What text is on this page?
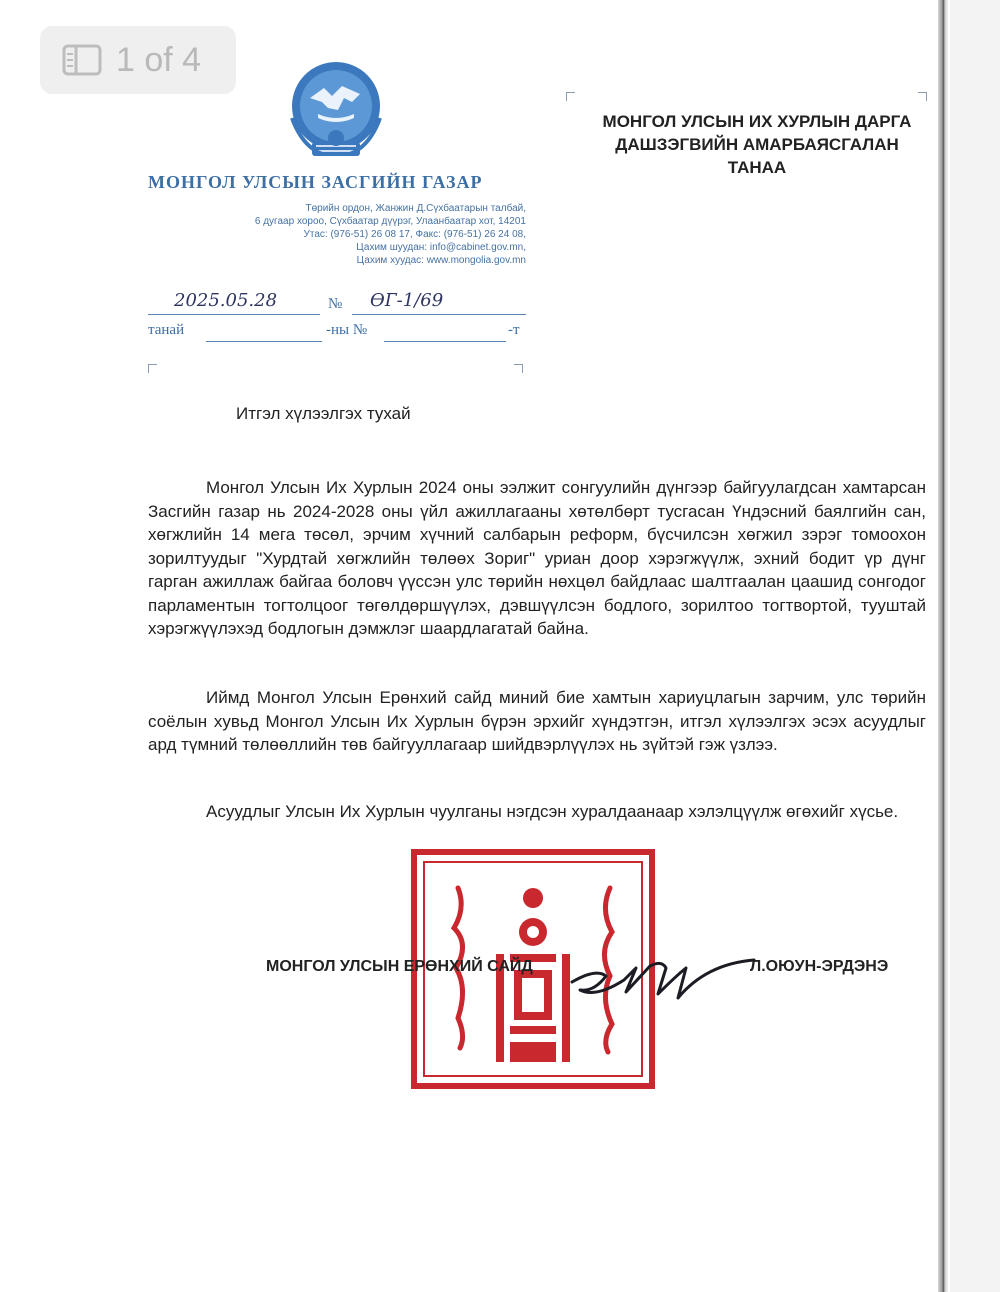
МОНГОЛ УЛСЫН ЗАСГИЙН ГАЗАР
Төрийн ордон, Жанжин Д.Сүхбаатарын талбай,
6 дугаар хороо, Сүхбаатар дүүрэг, Улаанбаатар хот, 14201
Утас: (976-51) 26 08 17, Факс: (976-51) 26 24 08,
Цахим шуудан: info@cabinet.gov.mn,
Цахим хуудас: www.mongolia.gov.mn
2025.05.28	№ ӨГ-1/69
танай	-ны №	-т
МОНГОЛ УЛСЫН ИХ ХУРЛЫН ДАРГА
ДАШЗЭГВИЙН АМАРБАЯСГАЛАН
ТАНАА
Итгэл хүлээлгэх тухай

Монгол Улсын Их Хурлын 2024 оны ээлжит сонгуулийн дүнгээр байгуулагдсан хамтарсан Засгийн газар нь 2024-2028 оны үйл ажиллагааны хөтөлбөрт тусгасан Үндэсний баялгийн сан, хөгжлийн 14 мега төсөл, эрчим хүчний салбарын реформ, бүсчилсэн хөгжил зэрэг томоохон зорилтуудыг "Хурдтай хөгжлийн төлөөх Зориг" уриан доор хэрэгжүүлж, эхний бодит үр дүнг гарган ажиллаж байгаа боловч үүссэн улс төрийн нөхцөл байдлаас шалтгаалан цаашид сонгодог парламентын тогтолцоог төгөлдөршүүлэх, дэвшүүлсэн бодлого, зорилтоо тогтвортой, тууштай хэрэгжүүлэхэд бодлогын дэмжлэг шаардлагатай байна.

Иймд Монгол Улсын Ерөнхий сайд миний бие хамтын хариуцлагын зарчим, улс төрийн соёлын хувьд Монгол Улсын Их Хурлын бүрэн эрхийг хүндэтгэн, итгэл хүлээлгэх эсэх асуудлыг ард түмний төлөөллийн төв байгууллагаар шийдвэрлүүлэх нь зүйтэй гэж үзлээ.

Асуудлыг Улсын Их Хурлын чуулганы нэгдсэн хуралдаанаар хэлэлцүүлж өгөхийг хүсье.

МОНГОЛ УЛСЫН ЕРӨНХИЙ САЙД	Л.ОЮУН-ЭРДЭНЭ
1 of 4
